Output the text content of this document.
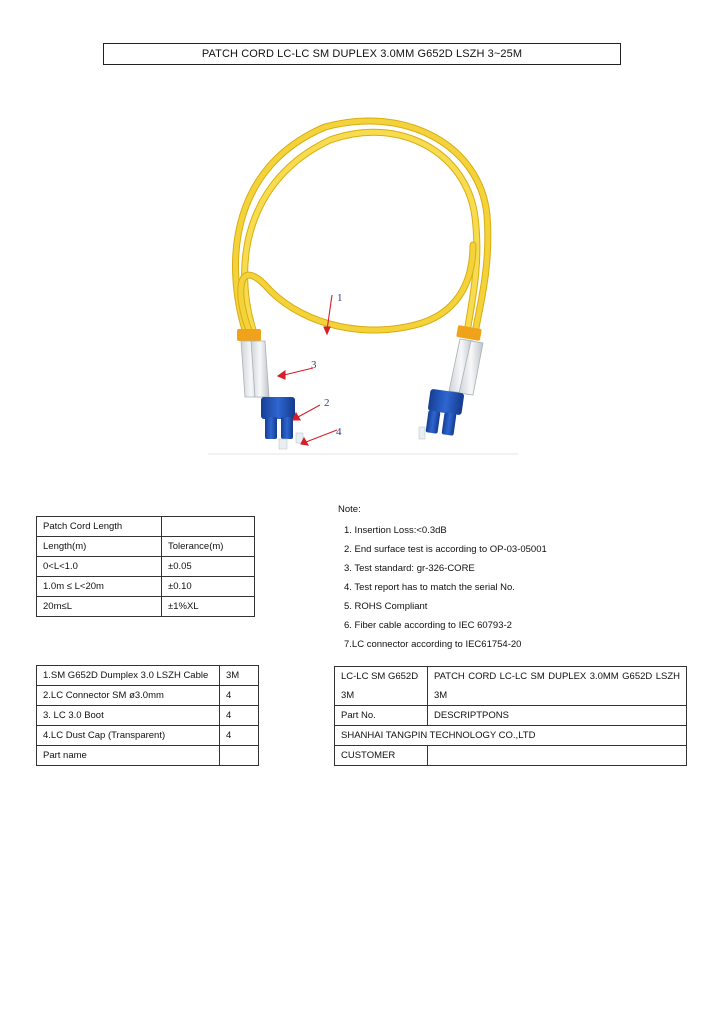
PATCH CORD LC-LC SM DUPLEX 3.0MM G652D LSZH 3~25M
1
3
2
4
Patch Cord Length	
Length(m)	Tolerance(m)
0<L<1.0	±0.05
1.0m ≤ L<20m	±0.10
20m≤L	±1%XL
Note:
1. Insertion Loss:<0.3dB
2. End surface test is according to OP-03-05001
3. Test standard: gr-326-CORE
4. Test report has to match the serial No.
5. ROHS Compliant
6. Fiber cable according to IEC 60793-2
7.LC connector according to IEC61754-20
1.SM G652D Dumplex 3.0 LSZH Cable	3M
2.LC Connector SM ø3.0mm	4
3. LC 3.0 Boot	4
4.LC Dust Cap (Transparent)	4
Part name	
LC-LC SM G652D 3M	PATCH CORD LC-LC SM DUPLEX 3.0MM G652D LSZH 3M
Part No.	DESCRIPTPONS
SHANHAI TANGPIN TECHNOLOGY CO.,LTD	
CUSTOMER	
